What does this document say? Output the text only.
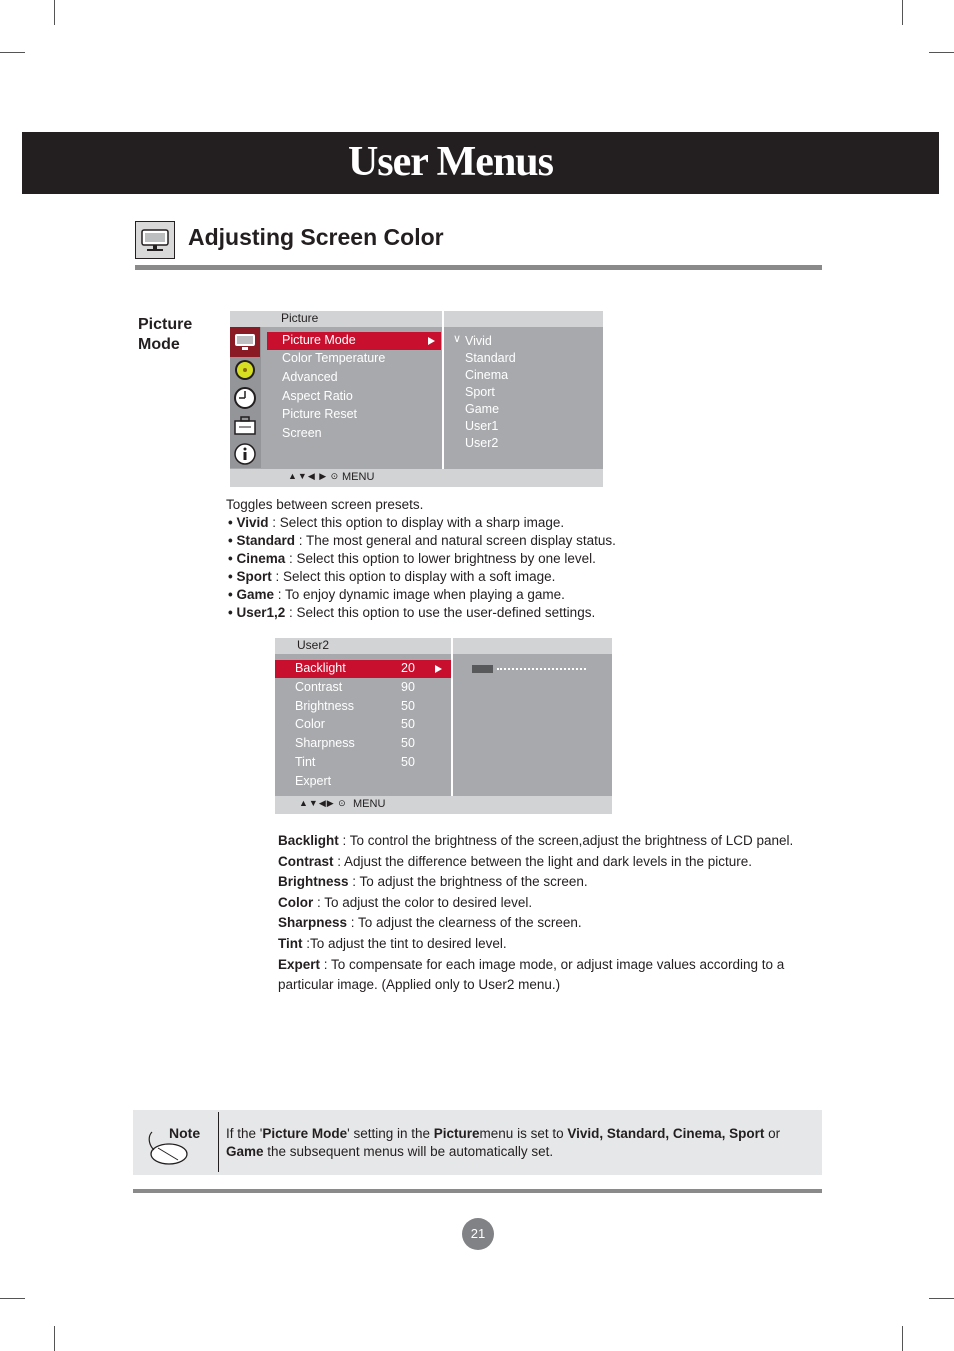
User Menus
Adjusting Screen Color
Picture
Mode
Picture
Picture Mode
Color Temperature
Advanced
Aspect Ratio
Picture Reset
Screen
∨ Vivid
Standard
Cinema
Sport
Game
User1
User2
▲▼◀ ▶ ⊙ MENU
Toggles between screen presets.
• Vivid : Select this option to display with a sharp image.
• Standard : The most general and natural screen display status.
• Cinema : Select this option to lower brightness by one level.
• Sport : Select this option to display with a soft image.
• Game : To enjoy dynamic image when playing a game.
• User1,2 : Select this option to use the user-defined settings.
User2
Backlight	20
Contrast	90
Brightness	50
Color	50
Sharpness	50
Tint	50
Expert
▲▼◀▶ ⊙ MENU
Backlight : To control the brightness of the screen,adjust the brightness of LCD panel.
Contrast : Adjust the difference between the light and dark levels in the picture.
Brightness : To adjust the brightness of the screen.
Color : To adjust the color to desired level.
Sharpness : To adjust the clearness of the screen.
Tint :To adjust the tint to desired level.
Expert : To compensate for each image mode, or adjust image values according to a particular image. (Applied only to User2 menu.)
Note If the 'Picture Mode' setting in the Picturemenu is set to Vivid, Standard, Cinema, Sport or Game the subsequent menus will be automatically set.
21
